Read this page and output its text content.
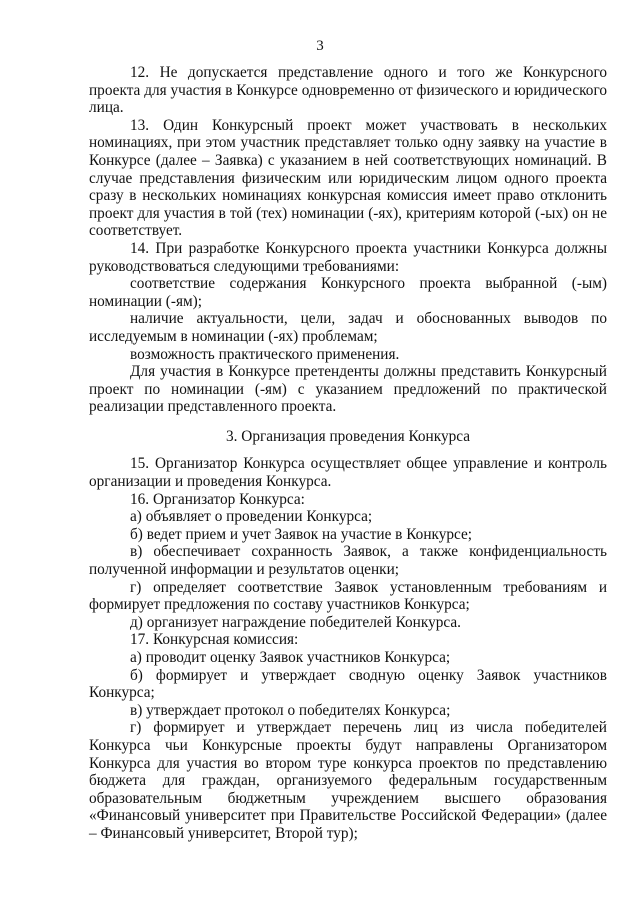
3

12. Не допускается представление одного и того же Конкурсного проекта для участия в Конкурсе одновременно от физического и юридического лица.

13. Один Конкурсный проект может участвовать в нескольких номинациях, при этом участник представляет только одну заявку на участие в Конкурсе (далее – Заявка) с указанием в ней соответствующих номинаций. В случае представления физическим или юридическим лицом одного проекта сразу в нескольких номинациях конкурсная комиссия имеет право отклонить проект для участия в той (тех) номинации (-ях), критериям которой (-ых) он не соответствует.

14. При разработке Конкурсного проекта участники Конкурса должны руководствоваться следующими требованиями:

соответствие содержания Конкурсного проекта выбранной (-ым) номинации (-ям);

наличие актуальности, цели, задач и обоснованных выводов по исследуемым в номинации (-ях) проблемам;

возможность практического применения.

Для участия в Конкурсе претенденты должны представить Конкурсный проект по номинации (-ям) с указанием предложений по практической реализации представленного проекта.

3. Организация проведения Конкурса

15. Организатор Конкурса осуществляет общее управление и контроль организации и проведения Конкурса.

16. Организатор Конкурса:

а) объявляет о проведении Конкурса;

б) ведет прием и учет Заявок на участие в Конкурсе;

в) обеспечивает сохранность Заявок, а также конфиденциальность полученной информации и результатов оценки;

г) определяет соответствие Заявок установленным требованиям и формирует предложения по составу участников Конкурса;

д) организует награждение победителей Конкурса.

17. Конкурсная комиссия:

а) проводит оценку Заявок участников Конкурса;

б) формирует и утверждает сводную оценку Заявок участников Конкурса;

в) утверждает протокол о победителях Конкурса;

г) формирует и утверждает перечень лиц из числа победителей Конкурса чьи Конкурсные проекты будут направлены Организатором Конкурса для участия во втором туре конкурса проектов по представлению бюджета для граждан, организуемого федеральным государственным образовательным бюджетным учреждением высшего образования «Финансовый университет при Правительстве Российской Федерации» (далее – Финансовый университет, Второй тур);
